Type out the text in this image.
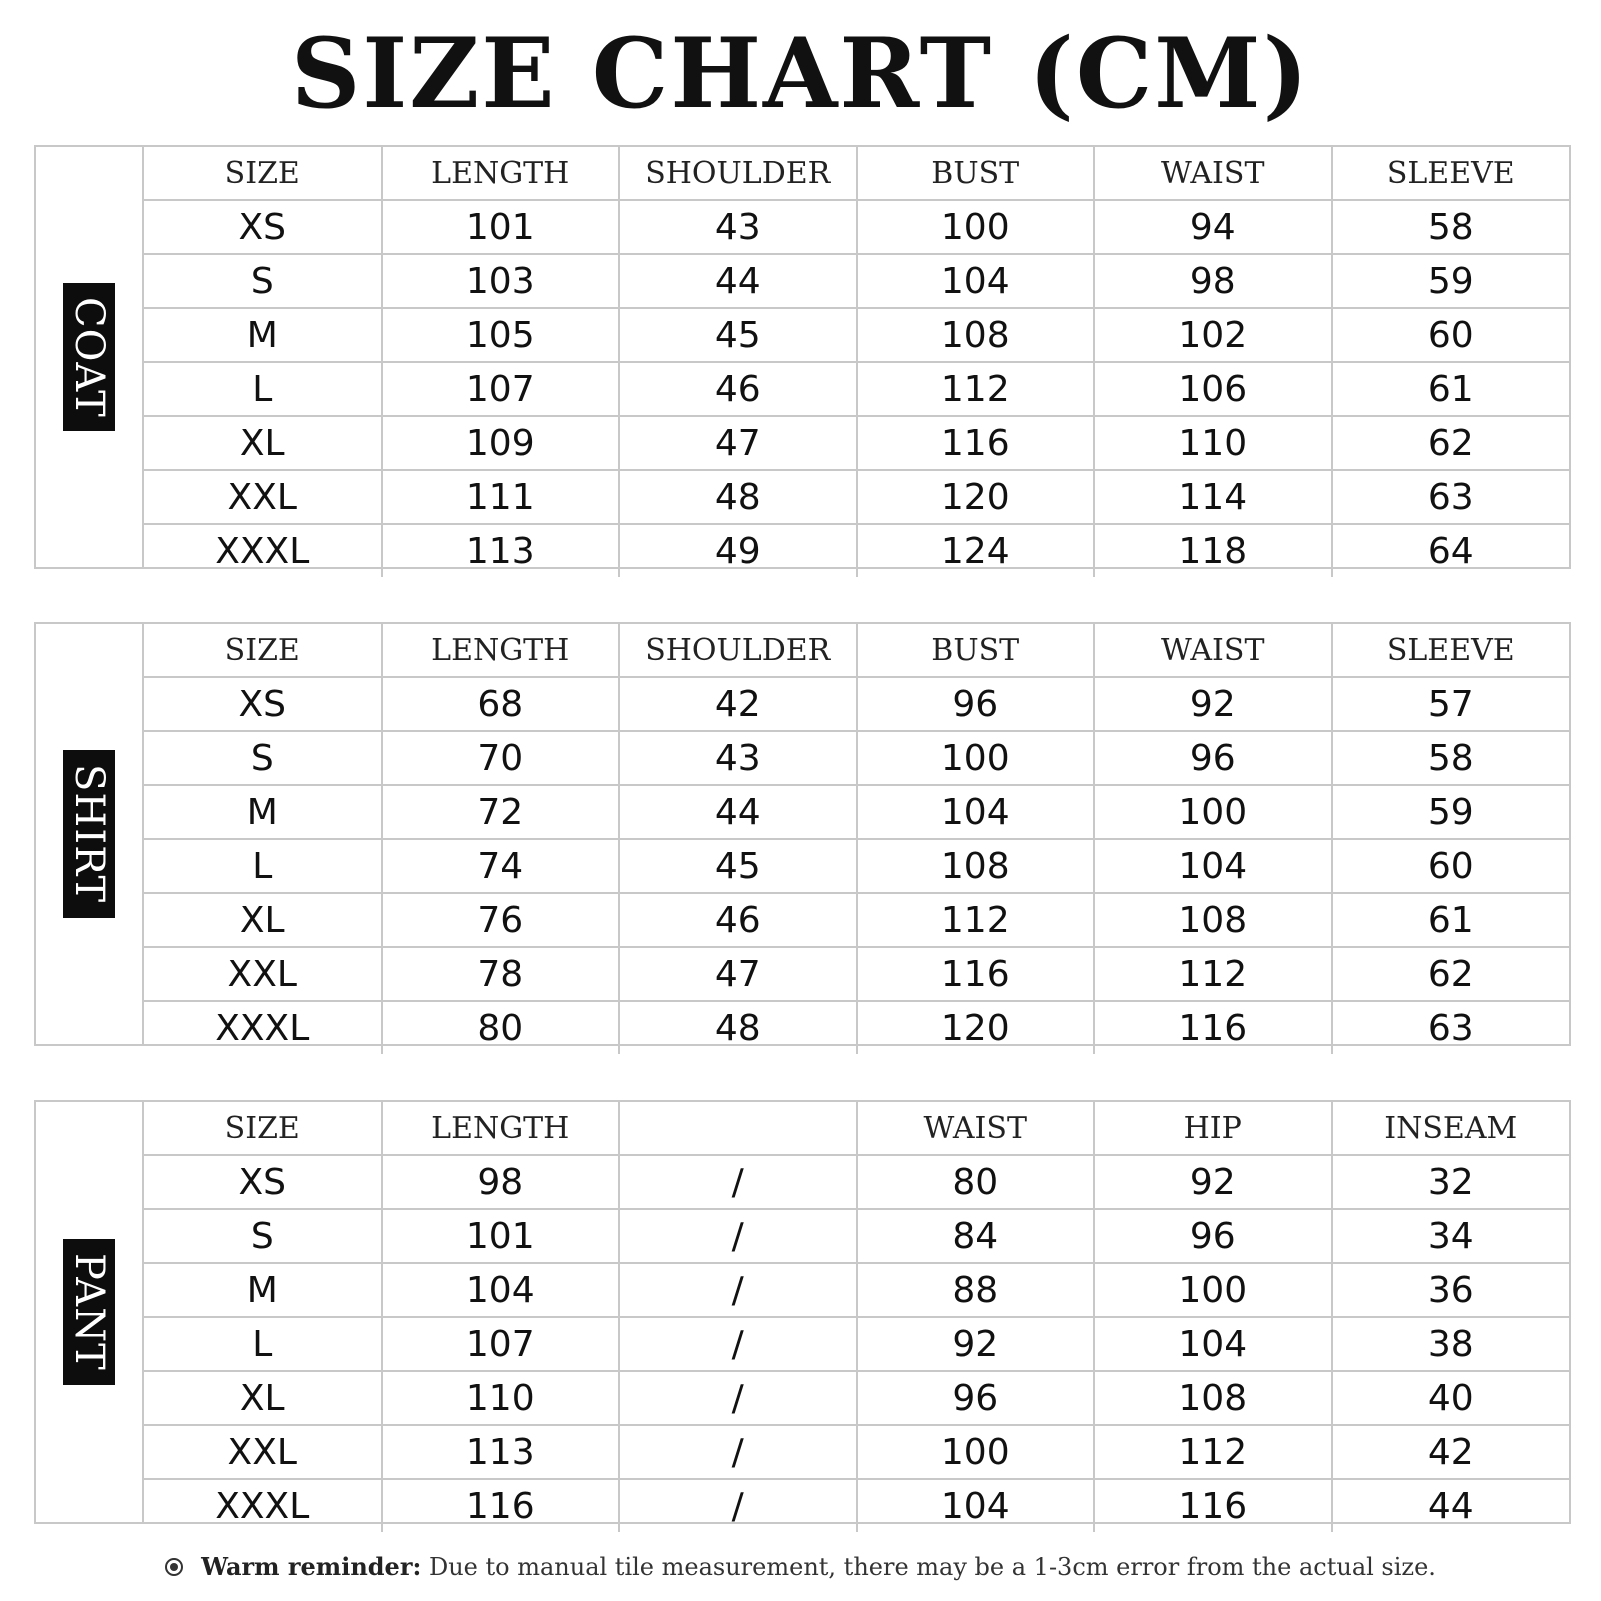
SIZE CHART (CM)
COAT
SIZE	LENGTH	SHOULDER	BUST	WAIST	SLEEVE
XS	101	43	100	94	58
S	103	44	104	98	59
M	105	45	108	102	60
L	107	46	112	106	61
XL	109	47	116	110	62
XXL	111	48	120	114	63
XXXL	113	49	124	118	64
SHIRT
SIZE	LENGTH	SHOULDER	BUST	WAIST	SLEEVE
XS	68	42	96	92	57
S	70	43	100	96	58
M	72	44	104	100	59
L	74	45	108	104	60
XL	76	46	112	108	61
XXL	78	47	116	112	62
XXXL	80	48	120	116	63
PANT
SIZE	LENGTH		WAIST	HIP	INSEAM
XS	98	/	80	92	32
S	101	/	84	96	34
M	104	/	88	100	36
L	107	/	92	104	38
XL	110	/	96	108	40
XXL	113	/	100	112	42
XXXL	116	/	104	116	44
Warm reminder: Due to manual tile measurement, there may be a 1-3cm error from the actual size.
